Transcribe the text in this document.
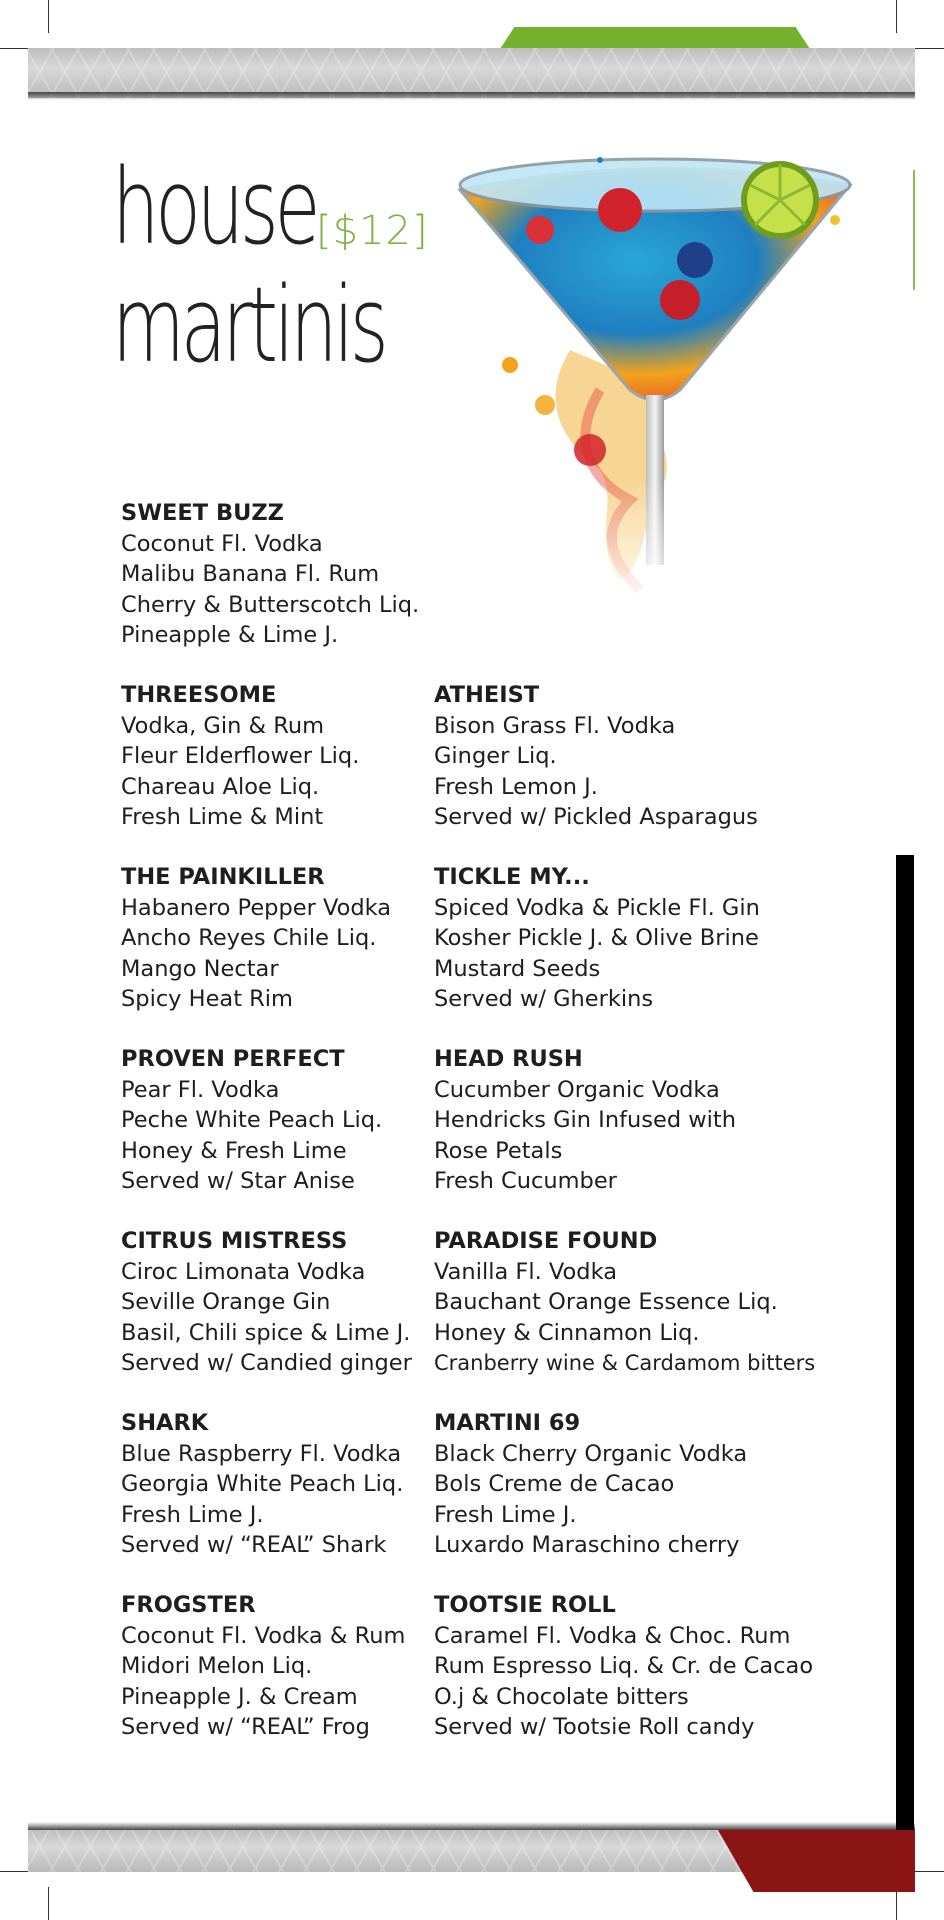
house
martinis
[$12]
SWEET BUZZ
Coconut Fl. Vodka
Malibu Banana Fl. Rum
Cherry & Butterscotch Liq.
Pineapple & Lime J.
THREESOME
Vodka, Gin & Rum
Fleur Elderflower Liq.
Chareau Aloe Liq.
Fresh Lime & Mint
ATHEIST
Bison Grass Fl. Vodka
Ginger Liq.
Fresh Lemon J.
Served w/ Pickled Asparagus
THE PAINKILLER
Habanero Pepper Vodka
Ancho Reyes Chile Liq.
Mango Nectar
Spicy Heat Rim
TICKLE MY...
Spiced Vodka & Pickle Fl. Gin
Kosher Pickle J. & Olive Brine
Mustard Seeds
Served w/ Gherkins
PROVEN PERFECT
Pear Fl. Vodka
Peche White Peach Liq.
Honey & Fresh Lime
Served w/ Star Anise
HEAD RUSH
Cucumber Organic Vodka
Hendricks Gin Infused with
Rose Petals
Fresh Cucumber
CITRUS MISTRESS
Ciroc Limonata Vodka
Seville Orange Gin
Basil, Chili spice & Lime J.
Served w/ Candied ginger
PARADISE FOUND
Vanilla Fl. Vodka
Bauchant Orange Essence Liq.
Honey & Cinnamon Liq.
Cranberry wine & Cardamom bitters
SHARK
Blue Raspberry Fl. Vodka
Georgia White Peach Liq.
Fresh Lime J.
Served w/ “REAL” Shark
MARTINI 69
Black Cherry Organic Vodka
Bols Creme de Cacao
Fresh Lime J.
Luxardo Maraschino cherry
FROGSTER
Coconut Fl. Vodka & Rum
Midori Melon Liq.
Pineapple J. & Cream
Served w/ “REAL” Frog
TOOTSIE ROLL
Caramel Fl. Vodka & Choc. Rum
Rum Espresso Liq. & Cr. de Cacao
O.j & Chocolate bitters
Served w/ Tootsie Roll candy
